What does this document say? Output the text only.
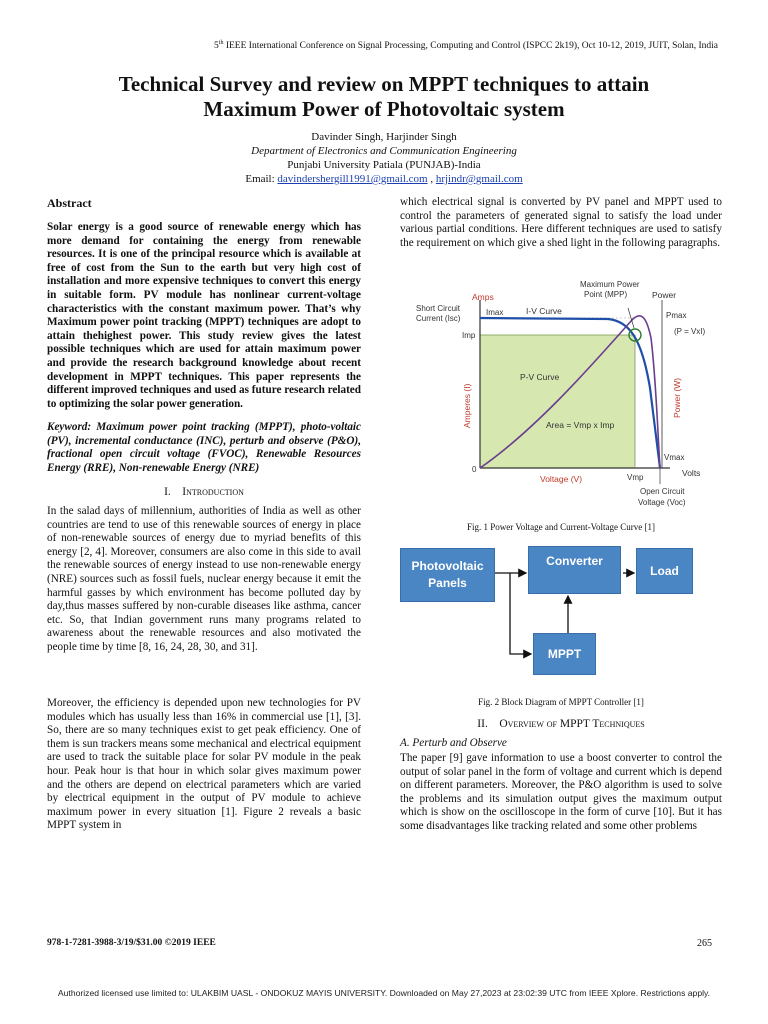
5th IEEE International Conference on Signal Processing, Computing and Control (ISPCC 2k19), Oct 10-12, 2019, JUIT, Solan, India
Technical Survey and review on MPPT techniques to attain
Maximum Power of Photovoltaic system
Davinder Singh, Harjinder Singh
Department of Electronics and Communication Engineering
Punjabi University Patiala (PUNJAB)-India
Email: davindershergill1991@gmail.com , hrjindr@gmail.com
Abstract
Solar energy is a good source of renewable energy which has more demand for containing the energy from renewable resources. It is one of the principal resource which is available at free of cost from the Sun to the earth but very high cost of installation and more expensive techniques to convert this energy in suitable form. PV module has nonlinear current-voltage characteristics with the constant maximum power. That’s why Maximum power point tracking (MPPT) techniques are adopt to attain thehighest power. This study review gives the latest possible techniques which are used for attain maximum power and provide the research background knowledge about recent development in MPPT techniques. This paper represents the different improved techniques and used as future research related to optimizing the solar power generation.
Keyword: Maximum power point tracking (MPPT), photo-voltaic (PV), incremental conductance (INC), perturb and observe (P&O), fractional open circuit voltage (FVOC), Renewable Resources Energy (RRE), Non-renewable Energy (NRE)
I. Introduction
In the salad days of millennium, authorities of India as well as other countries are tend to use of this renewable sources of energy in place of non-renewable sources of energy due to myriad benefits of this energy [2, 4]. Moreover, consumers are also come in this side to avail the renewable sources of energy instead to use non-renewable energy (NRE) sources such as fossil fuels, nuclear energy because it emit the harmful gasses by which environment has become polluted day by day,thus masses suffered by non-curable diseases like asthma, cancer etc. So, that Indian government runs many programs related to awareness about the renewable resources and also motivated the people time by time [8, 16, 24, 28, 30, and 31].
Moreover, the efficiency is depended upon new technologies for PV modules which has usually less than 16% in commercial use [1], [3]. So, there are so many techniques exist to get peak efficiency. One of them is sun trackers means some mechanical and electrical equipment are used to track the suitable place for solar PV module in the peak hour. Peak hour is that hour in which solar gives maximum power and the others are depend on electrical parameters which are varied by electrical equipment in the output of PV module to achieve maximum power in every situation [1]. Figure 2 reveals a basic MPPT system in
which electrical signal is converted by PV panel and MPPT used to control the parameters of generated signal to satisfy the load under various partial conditions. Here different techniques are used to satisfy the requirement on which give a shed light in the following paragraphs.
Amps
Short Circuit
Current (Isc)
Imax
Imp
I-V Curve
Maximum Power
Point (MPP)	Power
Pmax
(P = VxI)
P-V Curve
Area = Vmp x Imp
Amperes (I)	Power (W)
0
Voltage (V)	Vmp
Vmax
Volts
Open Circuit
Voltage (Voc)
Fig. 1 Power Voltage and Current-Voltage Curve [1]
Photovoltaic
Panels
Converter
Load
MPPT
Fig. 2 Block Diagram of MPPT Controller [1]
II. Overview of MPPT Techniques
A. Perturb and Observe
The paper [9] gave information to use a boost converter to control the output of solar panel in the form of voltage and current which is depend on different parameters. Moreover, the P&O algorithm is used to solve the problems and its simulation output gives the maximum output which is show on the oscilloscope in the form of curve [10]. But it has some disadvantages like tracking related and some other problems
978-1-7281-3988-3/19/$31.00 ©2019 IEEE	265
Authorized licensed use limited to: ULAKBIM UASL - ONDOKUZ MAYIS UNIVERSITY. Downloaded on May 27,2023 at 23:02:39 UTC from IEEE Xplore. Restrictions apply.
